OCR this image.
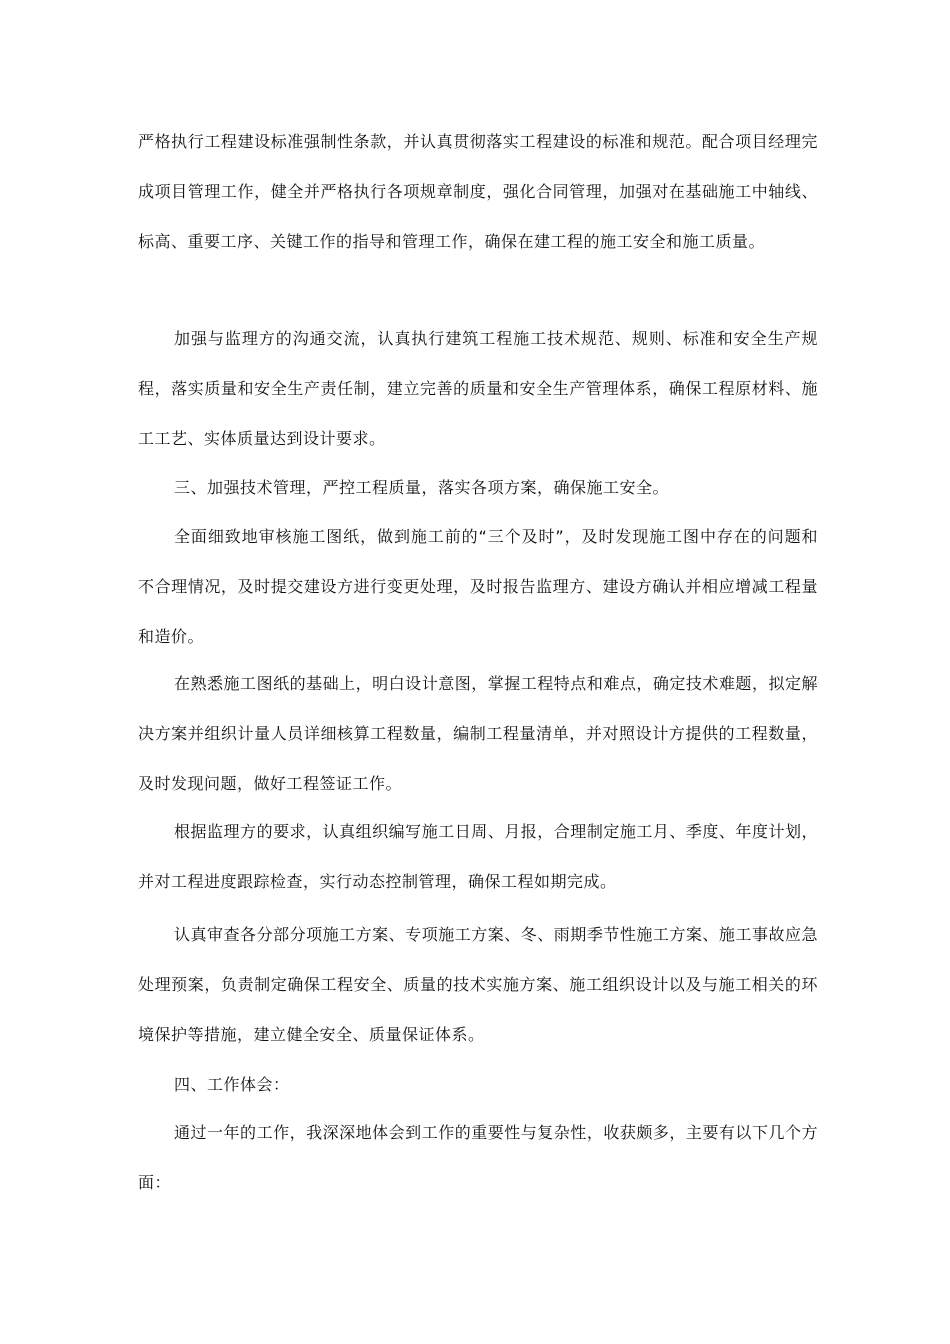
严格执行工程建设标准强制性条款，并认真贯彻落实工程建设的标准和规范。配合项目经理完成项目管理工作，健全并严格执行各项规章制度，强化合同管理，加强对在基础施工中轴线、标高、重要工序、关键工作的指导和管理工作，确保在建工程的施工安全和施工质量。

加强与监理方的沟通交流，认真执行建筑工程施工技术规范、规则、标准和安全生产规程，落实质量和安全生产责任制，建立完善的质量和安全生产管理体系，确保工程原材料、施工工艺、实体质量达到设计要求。

三、加强技术管理，严控工程质量，落实各项方案，确保施工安全。

全面细致地审核施工图纸，做到施工前的“三个及时”，及时发现施工图中存在的问题和不合理情况，及时提交建设方进行变更处理，及时报告监理方、建设方确认并相应增减工程量和造价。

在熟悉施工图纸的基础上，明白设计意图，掌握工程特点和难点，确定技术难题，拟定解决方案并组织计量人员详细核算工程数量，编制工程量清单，并对照设计方提供的工程数量，及时发现问题，做好工程签证工作。

根据监理方的要求，认真组织编写施工日周、月报，合理制定施工月、季度、年度计划，并对工程进度跟踪检查，实行动态控制管理，确保工程如期完成。

认真审查各分部分项施工方案、专项施工方案、冬、雨期季节性施工方案、施工事故应急处理预案，负责制定确保工程安全、质量的技术实施方案、施工组织设计以及与施工相关的环境保护等措施，建立健全安全、质量保证体系。

四、工作体会：

通过一年的工作，我深深地体会到工作的重要性与复杂性，收获颇多，主要有以下几个方面：
